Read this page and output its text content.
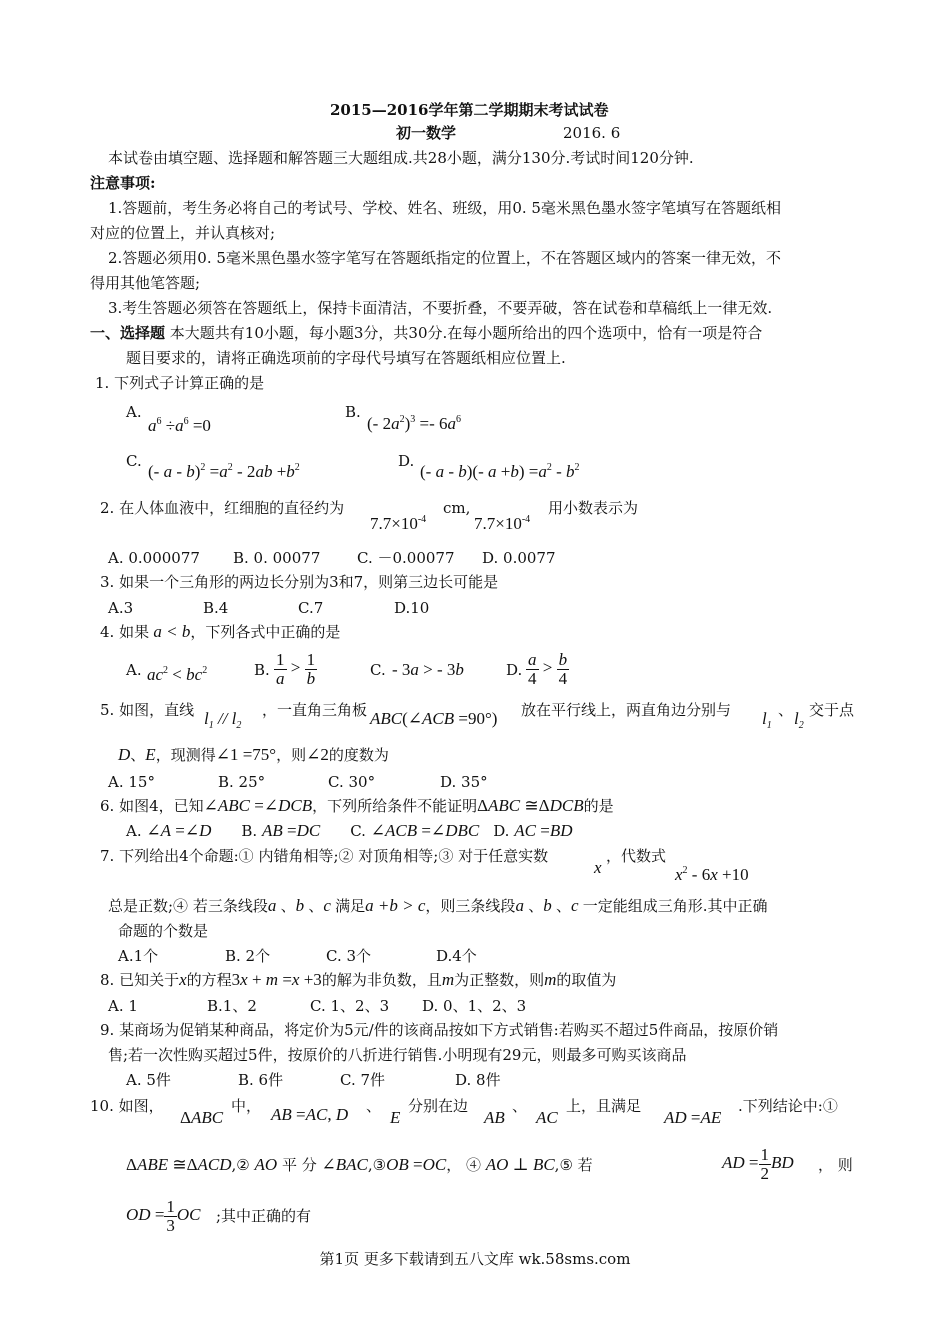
2015—2016学年第二学期期末考试试卷
初一数学	2016. 6
本试卷由填空题、选择题和解答题三大题组成.共28小题，满分130分.考试时间120分钟.
注意事项:
1.答题前，考生务必将自己的考试号、学校、姓名、班级，用0. 5毫米黑色墨水签字笔填写在答题纸相
对应的位置上，并认真核对;
2.答题必须用0. 5毫米黑色墨水签字笔写在答题纸指定的位置上，不在答题区域内的答案一律无效，不
得用其他笔答题;
3.考生答题必须答在答题纸上，保持卡面清洁，不要折叠，不要弄破，答在试卷和草稿纸上一律无效.
一、选择题 本大题共有10小题，每小题3分，共30分.在每小题所给出的四个选项中，恰有一项是符合
题目要求的，请将正确选项前的字母代号填写在答题纸相应位置上.
1. 下列式子计算正确的是
A.
$a^6 \div a^6 =0$
B.
(- $2a^2)^3 =- 6a^6$
C.
(- $a - b)^2 =a^2 - 2ab +b^2$	D.
(- a - b)(- $a +b) =a^2 - b^2$
2. 在人体血液中，红细胞的直径约为
$7.7\times 10^{-4}$
cm,
$7.7\times 10^{-4}$
用小数表示为
A. 0.000077 B. 0. 00077 C. －0.00077 D. 0.0077
3. 如果一个三角形的两边长分别为3和7，则第三边长可能是
A.3	B.4	C.7	D.10
4. 如果 a < b，下列各式中正确的是
A. $ac^2 < bc^2$	B. $\frac{1}{a} > \frac{1}{b}$	C. - 3a > - 3b	D. $\frac{a}{4} > \frac{b}{4}$
5. 如图，直线 $l_1 // l_2$
，一直角三角板 ABC(∠ACB =90°) 放在平行线上，两直角边分别与 $l_1$
、 $l_2$
交于点
D、E，现测得∠1 =75°，则∠2的度数为
A. 15°	B. 25°	C. 30°	D. 35°
6. 如图4，已知∠ABC =∠DCB，下列所给条件不能证明ΔABC ≅ΔDCB的是
A. ∠A =∠D B. AB =DC C. ∠ACB =∠DBC D. AC =BD
7. 下列给出4个命题:① 内错角相等;② 对顶角相等;③ 对于任意实数
x
，代数式
$x^2 - 6x +10$
总是正数;④ 若三条线段a 、b 、c 满足a +b > c，则三条线段a 、b 、c 一定能组成三角形.其中正确
命题的个数是
A.1个	B. 2个	C. 3个	D.4个
8. 已知关于x的方程3x + m =x +3的解为非负数，且m为正整数，则m的取值为
A. 1	B.1、2	C. 1、2、3 D. 0、1、2、3
9. 某商场为促销某种商品，将定价为5元/件的该商品按如下方式销售:若购买不超过5件商品，按原价销
售;若一次性购买超过5件，按原价的八折进行销售.小明现有29元，则最多可购买该商品
A. 5件	B. 6件	C. 7件	D. 8件
10. 如图，
ΔABC
中， AB =AC, D 、
E
分别在边
AB
、
AC
上，且满足
AD =AE
.下列结论中:①
ΔABE ≅ΔACD,② AO 平 分 ∠BAC,③OB =OC， ④ AO ⊥ BC,⑤ 若	AD = $\frac{1}{2}$ BD ， 则
OD = $\frac{1}{3}$ OC ;其中正确的有
第1页 更多下载请到五八文库 wk.58sms.com
